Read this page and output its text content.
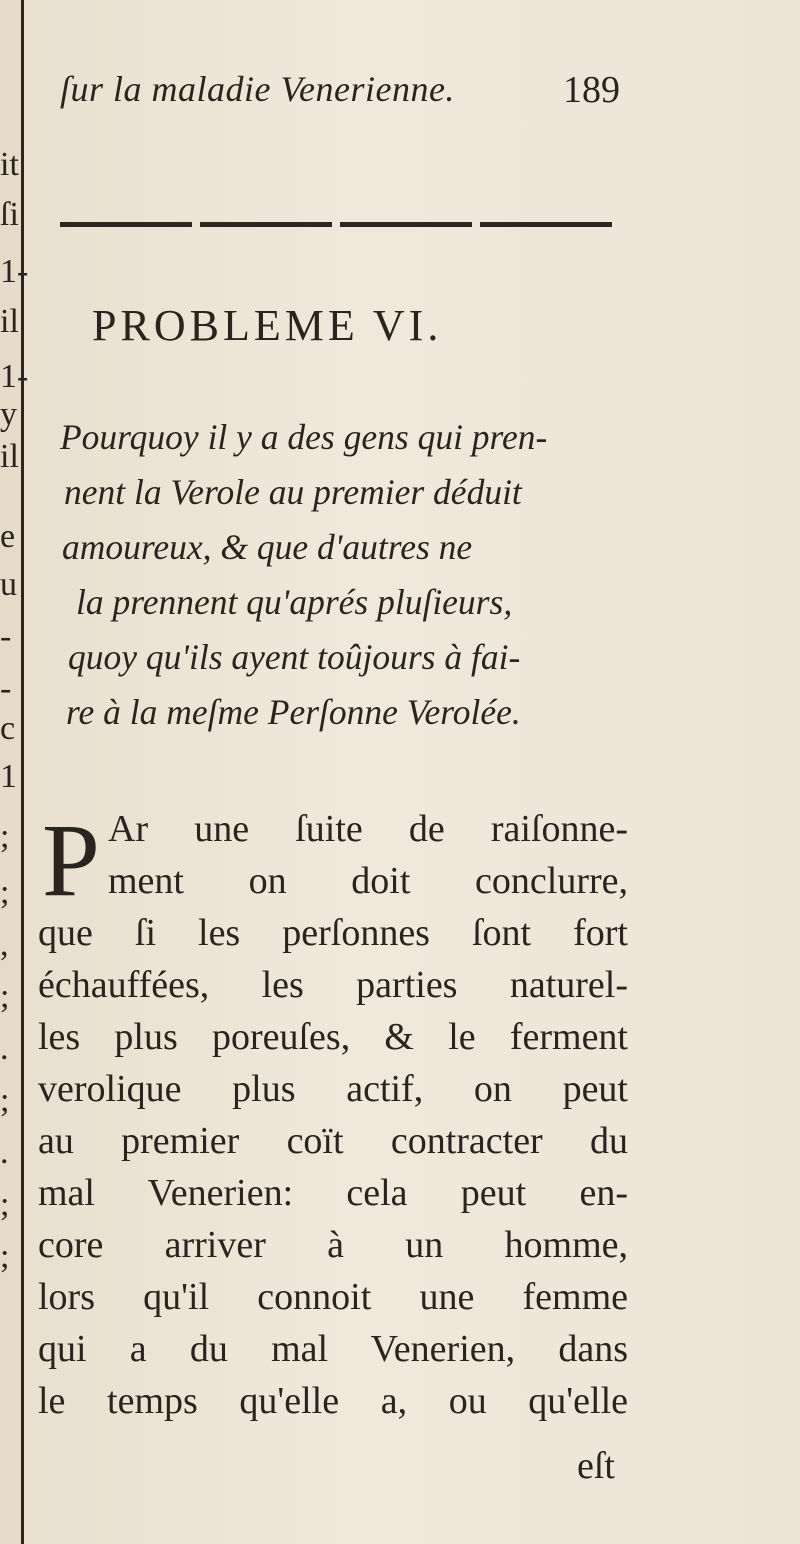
it
ſi
1-
il
1-
y
il
e
u
-
-
c
1
;
;
,
;
.
;
.
;
;
ſur la maladie Venerienne.	189
PROBLEME VI.
Pourquoy il y a des gens qui pren-
nent la Verole au premier déduit
amoureux, & que d'autres ne
la prennent qu'aprés pluſieurs,
quoy qu'ils ayent toûjours à fai-
re à la meſme Perſonne Verolée.
P Ar une ſuite de raiſonne-
ment on doit conclurre,
que ſi les perſonnes ſont fort
échauffées, les parties naturel-
les plus poreuſes, & le ferment
verolique plus actif, on peut
au premier coït contracter du
mal Venerien: cela peut en-
core arriver à un homme,
lors qu'il connoit une femme
qui a du mal Venerien, dans
le temps qu'elle a, ou qu'elle
eſt
